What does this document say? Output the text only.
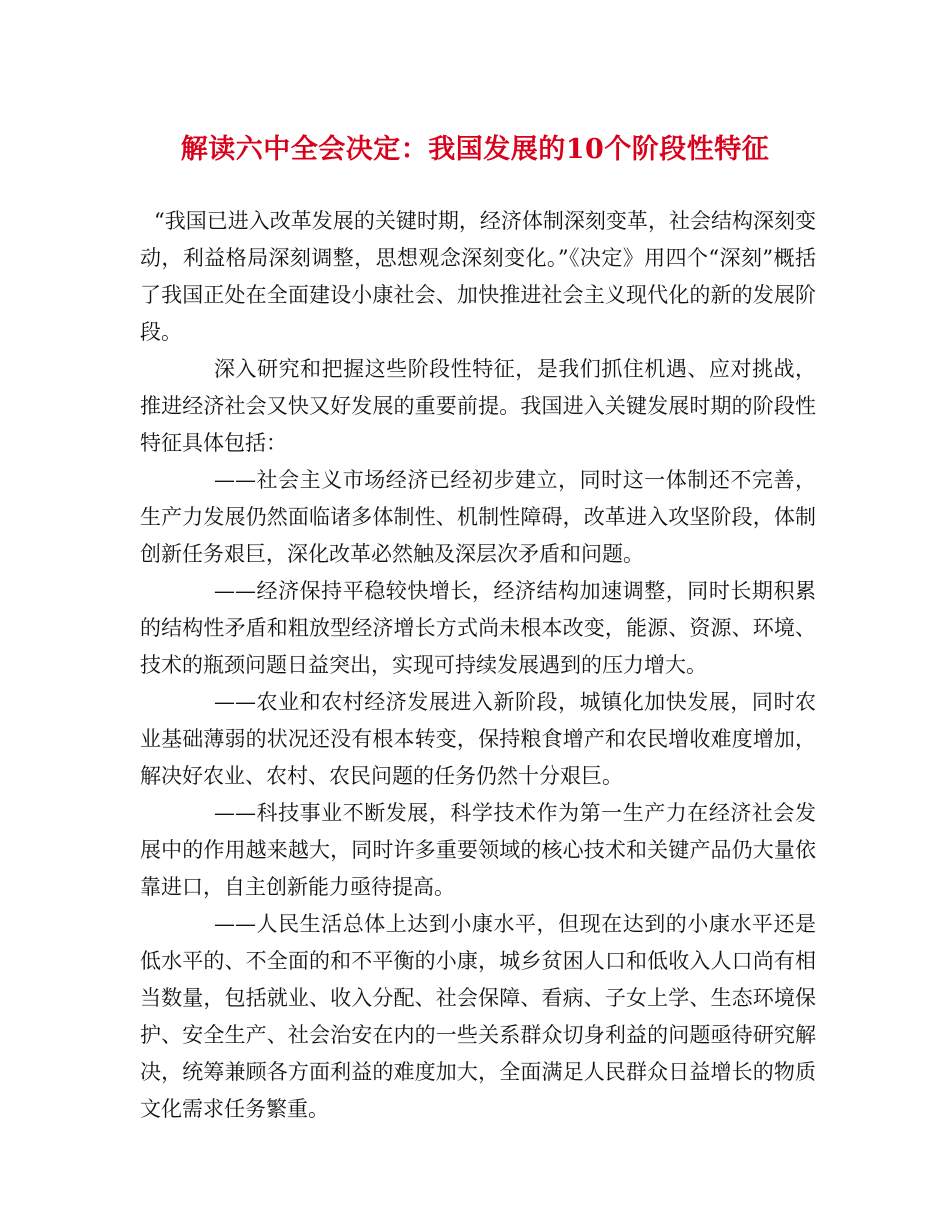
解读六中全会决定：我国发展的10个阶段性特征

“我国已进入改革发展的关键时期，经济体制深刻变革，社会结构深刻变动，利益格局深刻调整，思想观念深刻变化。”《决定》用四个“深刻”概括了我国正处在全面建设小康社会、加快推进社会主义现代化的新的发展阶段。

深入研究和把握这些阶段性特征，是我们抓住机遇、应对挑战，推进经济社会又快又好发展的重要前提。我国进入关键发展时期的阶段性特征具体包括：

——社会主义市场经济已经初步建立，同时这一体制还不完善，生产力发展仍然面临诸多体制性、机制性障碍，改革进入攻坚阶段，体制创新任务艰巨，深化改革必然触及深层次矛盾和问题。

——经济保持平稳较快增长，经济结构加速调整，同时长期积累的结构性矛盾和粗放型经济增长方式尚未根本改变，能源、资源、环境、技术的瓶颈问题日益突出，实现可持续发展遇到的压力增大。

——农业和农村经济发展进入新阶段，城镇化加快发展，同时农业基础薄弱的状况还没有根本转变，保持粮食增产和农民增收难度增加，解决好农业、农村、农民问题的任务仍然十分艰巨。

——科技事业不断发展，科学技术作为第一生产力在经济社会发展中的作用越来越大，同时许多重要领域的核心技术和关键产品仍大量依靠进口，自主创新能力亟待提高。

——人民生活总体上达到小康水平，但现在达到的小康水平还是低水平的、不全面的和不平衡的小康，城乡贫困人口和低收入人口尚有相当数量，包括就业、收入分配、社会保障、看病、子女上学、生态环境保护、安全生产、社会治安在内的一些关系群众切身利益的问题亟待研究解决，统筹兼顾各方面利益的难度加大，全面满足人民群众日益增长的物质文化需求任务繁重。
